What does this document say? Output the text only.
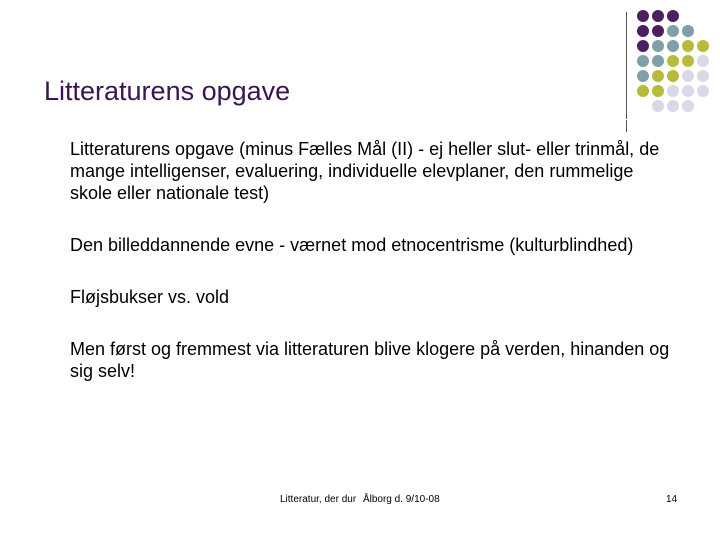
Litteraturens opgave
Litteraturens opgave (minus Fælles Mål (II) - ej heller slut- eller trinmål, de mange intelligenser, evaluering, individuelle elevplaner, den rummelige skole eller nationale test)
Den billeddannende evne - værnet mod etnocentrisme (kulturblindhed)
Fløjsbukser vs. vold
Men først og fremmest via litteraturen blive klogere på verden, hinanden og sig selv!
Litteratur, der dur Ålborg d. 9/10-08	14
